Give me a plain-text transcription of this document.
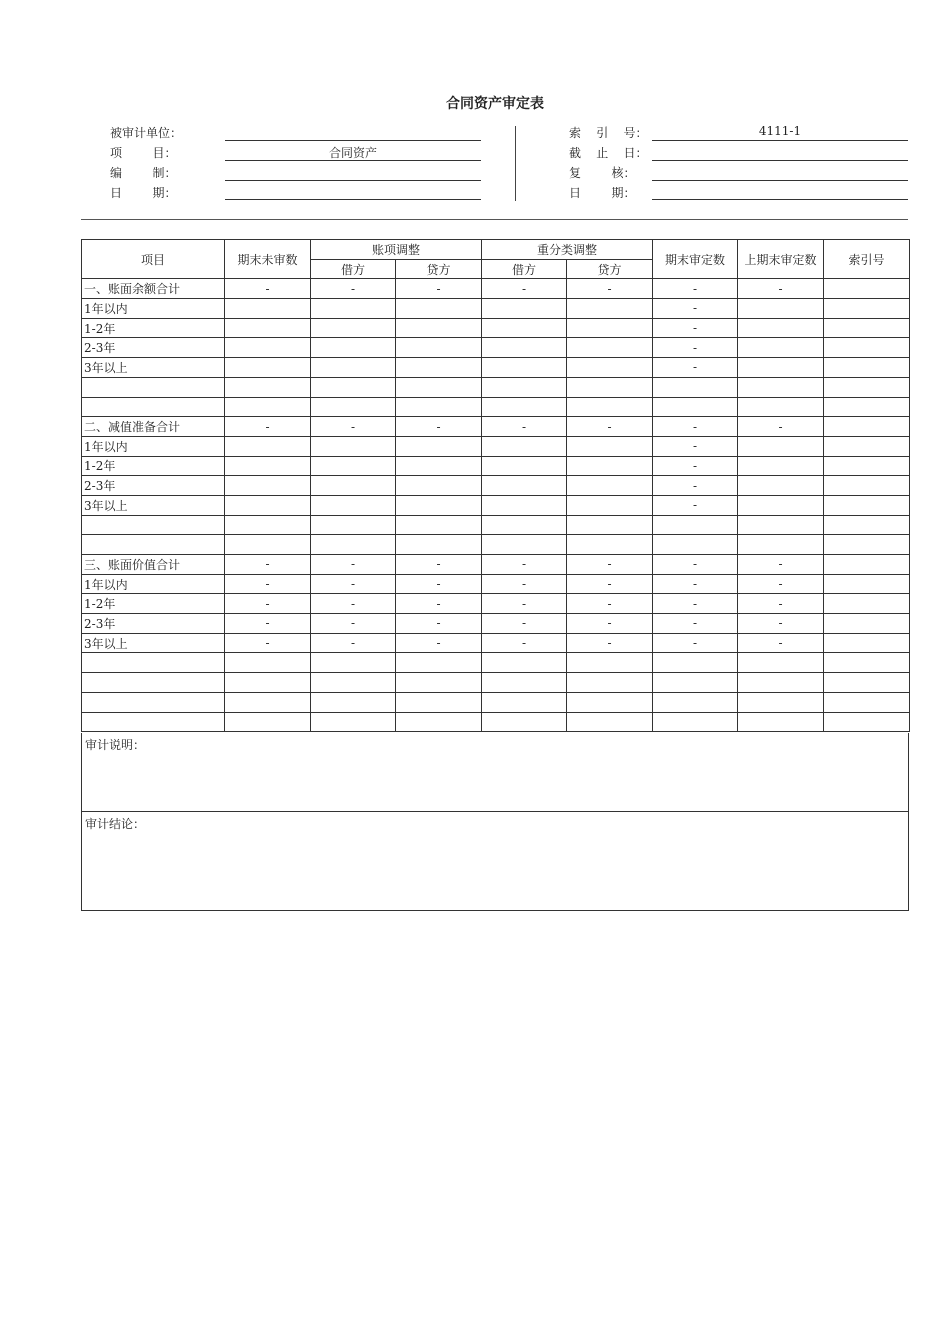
合同资产审定表
被审计单位：
项        目：	合同资产
编        制：
日        期：
索    引    号：	4111-1
截    止    日：
复        核：
日        期：
项目	期末未审数	账项调整		重分类调整		期末审定数	上期末审定数	索引号
		借方	贷方	借方	贷方			
一、账面余额合计	-	-	-	-	-	-	-	
1年以内						-		
1-2年						-		
2-3年						-		
3年以上						-		

二、减值准备合计	-	-	-	-	-	-	-	
1年以内						-		
1-2年						-		
2-3年						-		
3年以上						-		

三、账面价值合计	-	-	-	-	-	-	-	
1年以内	-	-	-	-	-	-	-	
1-2年	-	-	-	-	-	-	-	
2-3年	-	-	-	-	-	-	-	
3年以上	-	-	-	-	-	-	-	

审计说明：
审计结论：
